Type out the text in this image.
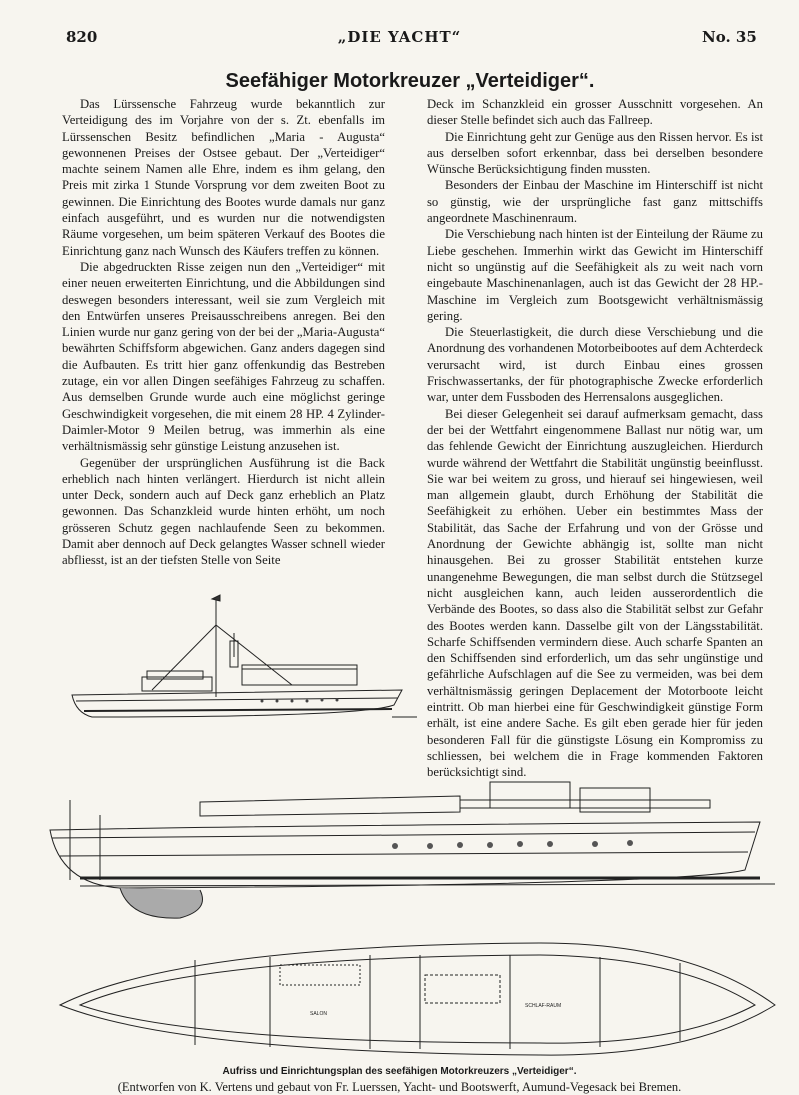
820	„DIE YACHT“	No. 35
Seefähiger Motorkreuzer „Verteidiger“.

Das Lürssensche Fahrzeug wurde bekanntlich zur Verteidigung des im Vorjahre von der s. Zt. ebenfalls im Lürssenschen Besitz befindlichen „Maria - Augusta“ gewonnenen Preises der Ostsee gebaut. Der „Verteidiger“ machte seinem Namen alle Ehre, indem es ihm gelang, den Preis mit zirka 1 Stunde Vorsprung vor dem zweiten Boot zu gewinnen. Die Einrichtung des Bootes wurde damals nur ganz einfach ausgeführt, und es wurden nur die notwendigsten Räume vorgesehen, um beim späteren Verkauf des Bootes die Einrichtung ganz nach Wunsch des Käufers treffen zu können.

Die abgedruckten Risse zeigen nun den „Verteidiger“ mit einer neuen erweiterten Einrichtung, und die Abbildungen sind deswegen besonders interessant, weil sie zum Vergleich mit den Entwürfen unseres Preisausschreibens anregen. Bei den Linien wurde nur ganz gering von der bei der „Maria-Augusta“ bewährten Schiffsform abgewichen. Ganz anders dagegen sind die Aufbauten. Es tritt hier ganz offenkundig das Bestreben zutage, ein vor allen Dingen seefähiges Fahrzeug zu schaffen. Aus demselben Grunde wurde auch eine möglichst geringe Geschwindigkeit vorgesehen, die mit einem 28 HP. 4 Zylinder-Daimler-Motor 9 Meilen betrug, was immerhin als eine verhältnismässig sehr günstige Leistung anzusehen ist.

Gegenüber der ursprünglichen Ausführung ist die Back erheblich nach hinten verlängert. Hierdurch ist nicht allein unter Deck, sondern auch auf Deck ganz erheblich an Platz gewonnen. Das Schanzkleid wurde hinten erhöht, um noch grösseren Schutz gegen nachlaufende Seen zu bekommen. Damit aber dennoch auf Deck gelangtes Wasser schnell wieder abfliesst, ist an der tiefsten Stelle von Seite

Deck im Schanzkleid ein grosser Ausschnitt vorgesehen. An dieser Stelle befindet sich auch das Fallreep.

Die Einrichtung geht zur Genüge aus den Rissen hervor. Es ist aus derselben sofort erkennbar, dass bei derselben besondere Wünsche Berücksichtigung finden mussten.

Besonders der Einbau der Maschine im Hinterschiff ist nicht so günstig, wie der ursprüngliche fast ganz mittschiffs angeordnete Maschinenraum.

Die Verschiebung nach hinten ist der Einteilung der Räume zu Liebe geschehen. Immerhin wirkt das Gewicht im Hinterschiff nicht so ungünstig auf die Seefähigkeit als zu weit nach vorn eingebaute Maschinenanlagen, auch ist das Gewicht der 28 HP.-Maschine im Vergleich zum Bootsgewicht verhältnismässig gering.

Die Steuerlastigkeit, die durch diese Verschiebung und die Anordnung des vorhandenen Motorbeibootes auf dem Achterdeck verursacht wird, ist durch Einbau eines grossen Frischwassertanks, der für photographische Zwecke erforderlich war, unter dem Fussboden des Herrensalons ausgeglichen.

Bei dieser Gelegenheit sei darauf aufmerksam gemacht, dass der bei der Wettfahrt eingenommene Ballast nur nötig war, um das fehlende Gewicht der Einrichtung auszugleichen. Hierdurch wurde während der Wettfahrt die Stabilität ungünstig beeinflusst. Sie war bei weitem zu gross, und hierauf sei hingewiesen, weil man allgemein glaubt, durch Erhöhung der Stabilität die Seefähigkeit zu erhöhen. Ueber ein bestimmtes Mass der Stabilität, das Sache der Erfahrung und von der Grösse und Anordnung der Gewichte abhängig ist, sollte man nicht hinausgehen. Bei zu grosser Stabilität entstehen kurze unangenehme Bewegungen, die man selbst durch die Stützsegel nicht ausgleichen kann, auch leiden ausserordentlich die Verbände des Bootes, so dass also die Stabilität selbst zur Gefahr des Bootes werden kann. Dasselbe gilt von der Längsstabilität. Scharfe Schiffsenden vermindern diese. Auch scharfe Spanten an den Schiffsenden sind erforderlich, um das sehr ungünstige und gefährliche Aufschlagen auf die See zu vermeiden, was bei dem verhältnismässig geringen Deplacement der Motorboote leicht eintritt. Ob man hierbei eine für Geschwindigkeit günstige Form erhält, ist eine andere Sache. Es gilt eben gerade hier für jeden besonderen Fall für die günstigste Lösung ein Kompromiss zu schliessen, bei welchem die in Frage kommenden Faktoren berücksichtigt sind.

SALON
SCHLAF-RAUM
Aufriss und Einrichtungsplan des seefähigen Motorkreuzers „Verteidiger“.
(Entworfen von K. Vertens und gebaut von Fr. Luerssen, Yacht- und Bootswerft, Aumund-Vegesack bei Bremen.
